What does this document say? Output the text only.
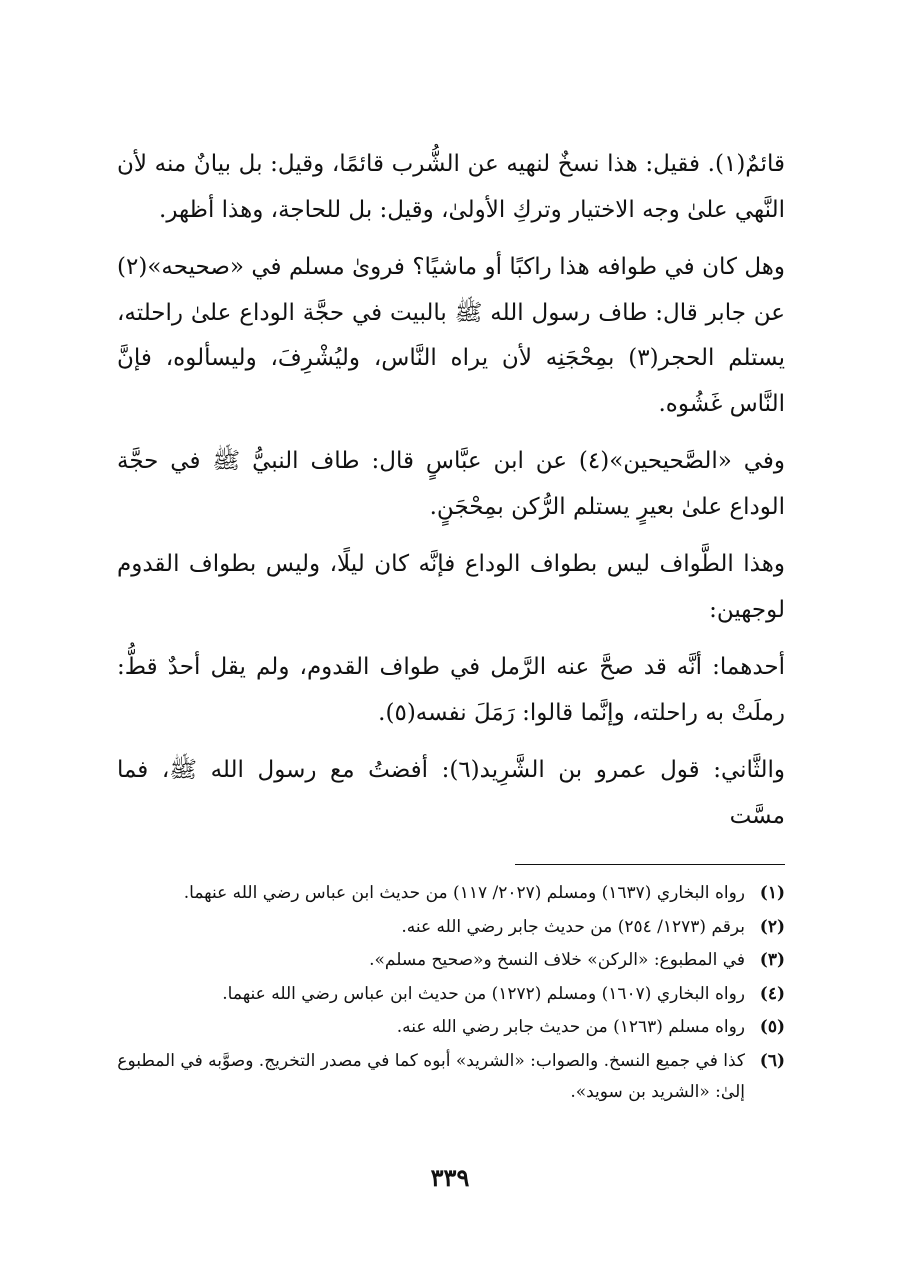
قائمٌ(١). فقيل: هذا نسخٌ لنهيه عن الشُّرب قائمًا، وقيل: بل بيانٌ منه لأن النَّهي علىٰ وجه الاختيار وتركِ الأولىٰ، وقيل: بل للحاجة، وهذا أظهر.

وهل كان في طوافه هذا راكبًا أو ماشيًا؟ فروىٰ مسلم في «صحيحه»(٢) عن جابر قال: طاف رسول الله ﷺ بالبيت في حجَّة الوداع علىٰ راحلته، يستلم الحجر(٣) بمِحْجَنِه لأن يراه النَّاس، وليُشْرِفَ، وليسألوه، فإنَّ النَّاس غَشُوه.

وفي «الصَّحيحين»(٤) عن ابن عبَّاسٍ قال: طاف النبيُّ ﷺ في حجَّة الوداع علىٰ بعيرٍ يستلم الرُّكن بمِحْجَنٍ.

وهذا الطَّواف ليس بطواف الوداع فإنَّه كان ليلًا، وليس بطواف القدوم لوجهين:

أحدهما: أنَّه قد صحَّ عنه الرَّمل في طواف القدوم، ولم يقل أحدٌ قطُّ: رملَتْ به راحلته، وإنَّما قالوا: رَمَلَ نفسه(٥).

والثَّاني: قول عمرو بن الشَّرِيد(٦): أفضتُ مع رسول الله ﷺ، فما مسَّت

(١)
رواه البخاري (١٦٣٧) ومسلم (٢٠٢٧/ ١١٧) من حديث ابن عباس رضي الله عنهما.
(٢)
برقم (١٢٧٣/ ٢٥٤) من حديث جابر رضي الله عنه.
(٣)
في المطبوع: «الركن» خلاف النسخ و«صحيح مسلم».
(٤)
رواه البخاري (١٦٠٧) ومسلم (١٢٧٢) من حديث ابن عباس رضي الله عنهما.
(٥)
رواه مسلم (١٢٦٣) من حديث جابر رضي الله عنه.
(٦)
كذا في جميع النسخ. والصواب: «الشريد» أبوه كما في مصدر التخريج. وصوَّبه في المطبوع إلىٰ: «الشريد بن سويد».
٣٣٩
